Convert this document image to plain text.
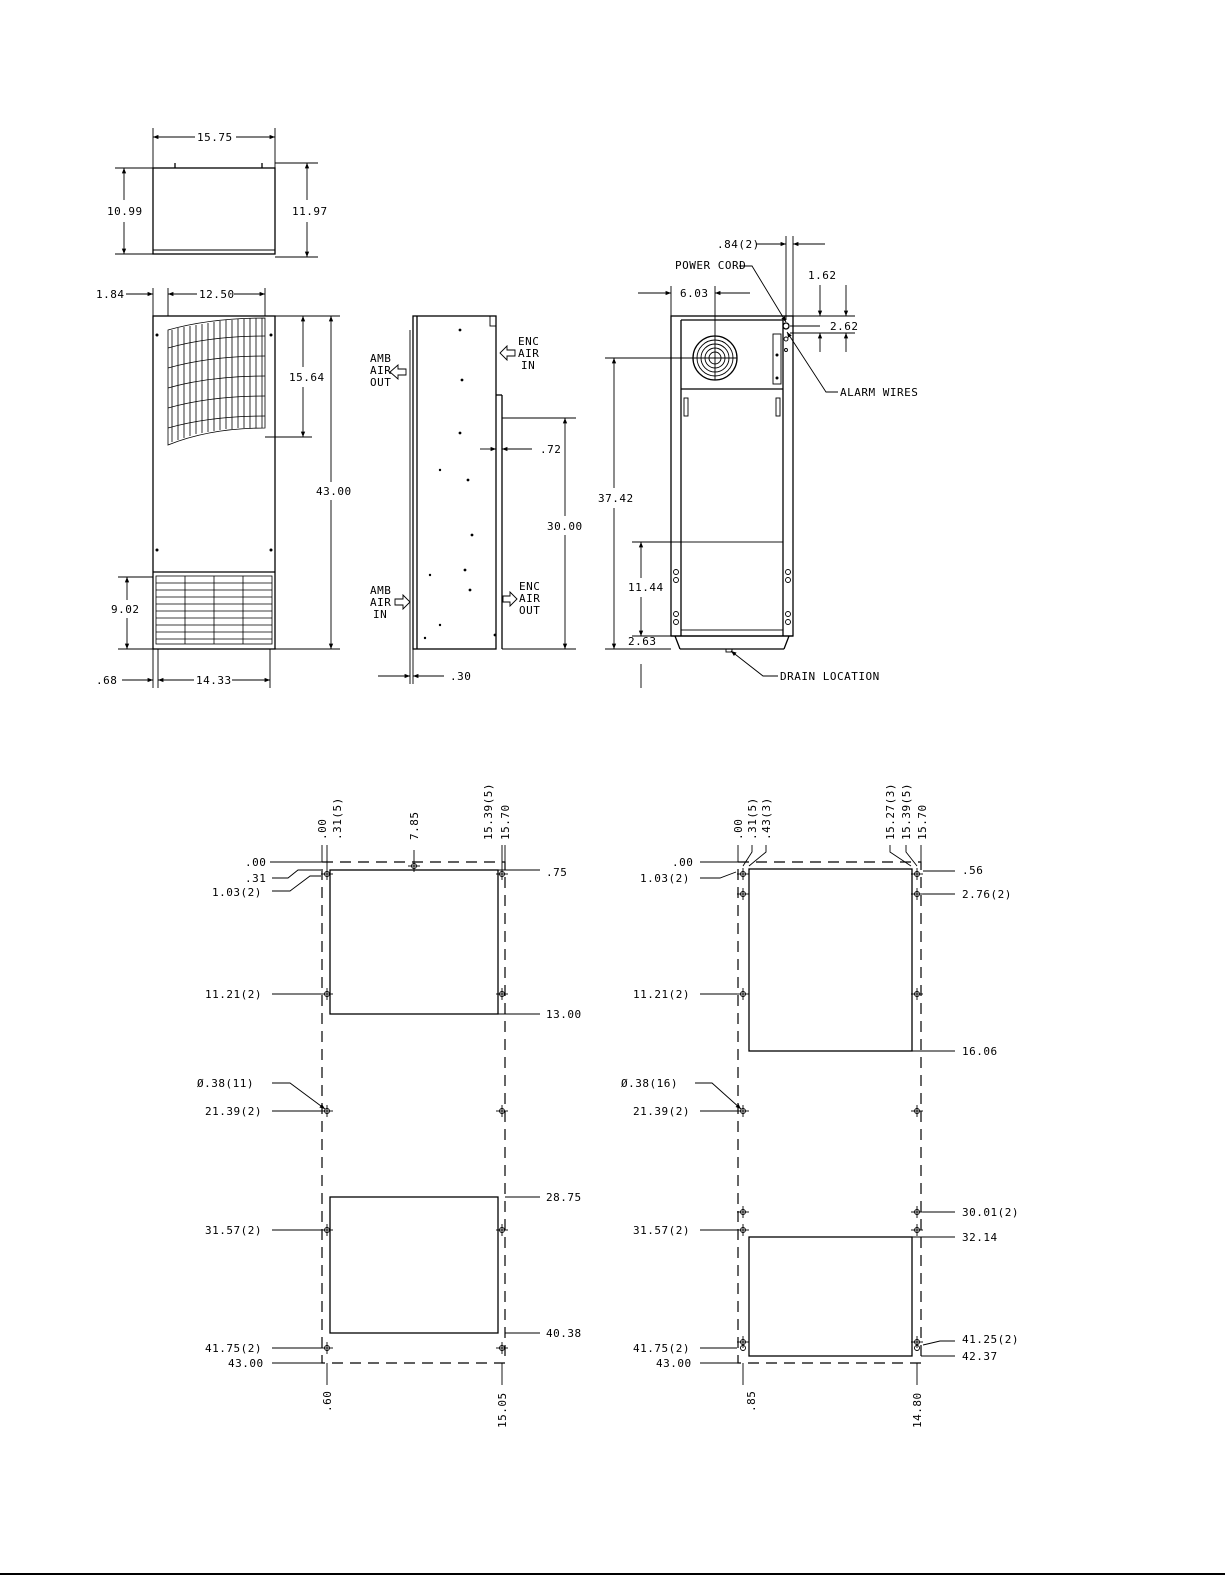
15.75
10.99	11.97
1.84	12.50
15.64
43.00
9.02
.68	14.33
AMB
AIR
OUT
ENC
AIR
IN
AMB
AIR
IN
ENC
AIR
OUT
.72
30.00
.30
.84(2)
POWER CORD
6.03
1.62
2.62
ALARM WIRES
37.42
11.44
2.63
DRAIN LOCATION
.00 .31(5)	7.85	15.39(5) 15.70
.00
.31
1.03(2)
11.21(2)
21.39(2)
31.57(2)
41.75(2)
43.00
Ø.38(11)
.75
13.00
28.75
40.38
.60	15.05
.00 .31(5) .43(3)	15.27(3) 15.39(5) 15.70
.00
1.03(2)
11.21(2)
21.39(2)
31.57(2)
41.75(2)
43.00
Ø.38(16)
.56
2.76(2)
16.06
30.01(2)
32.14
41.25(2)
42.37
.85	14.80
